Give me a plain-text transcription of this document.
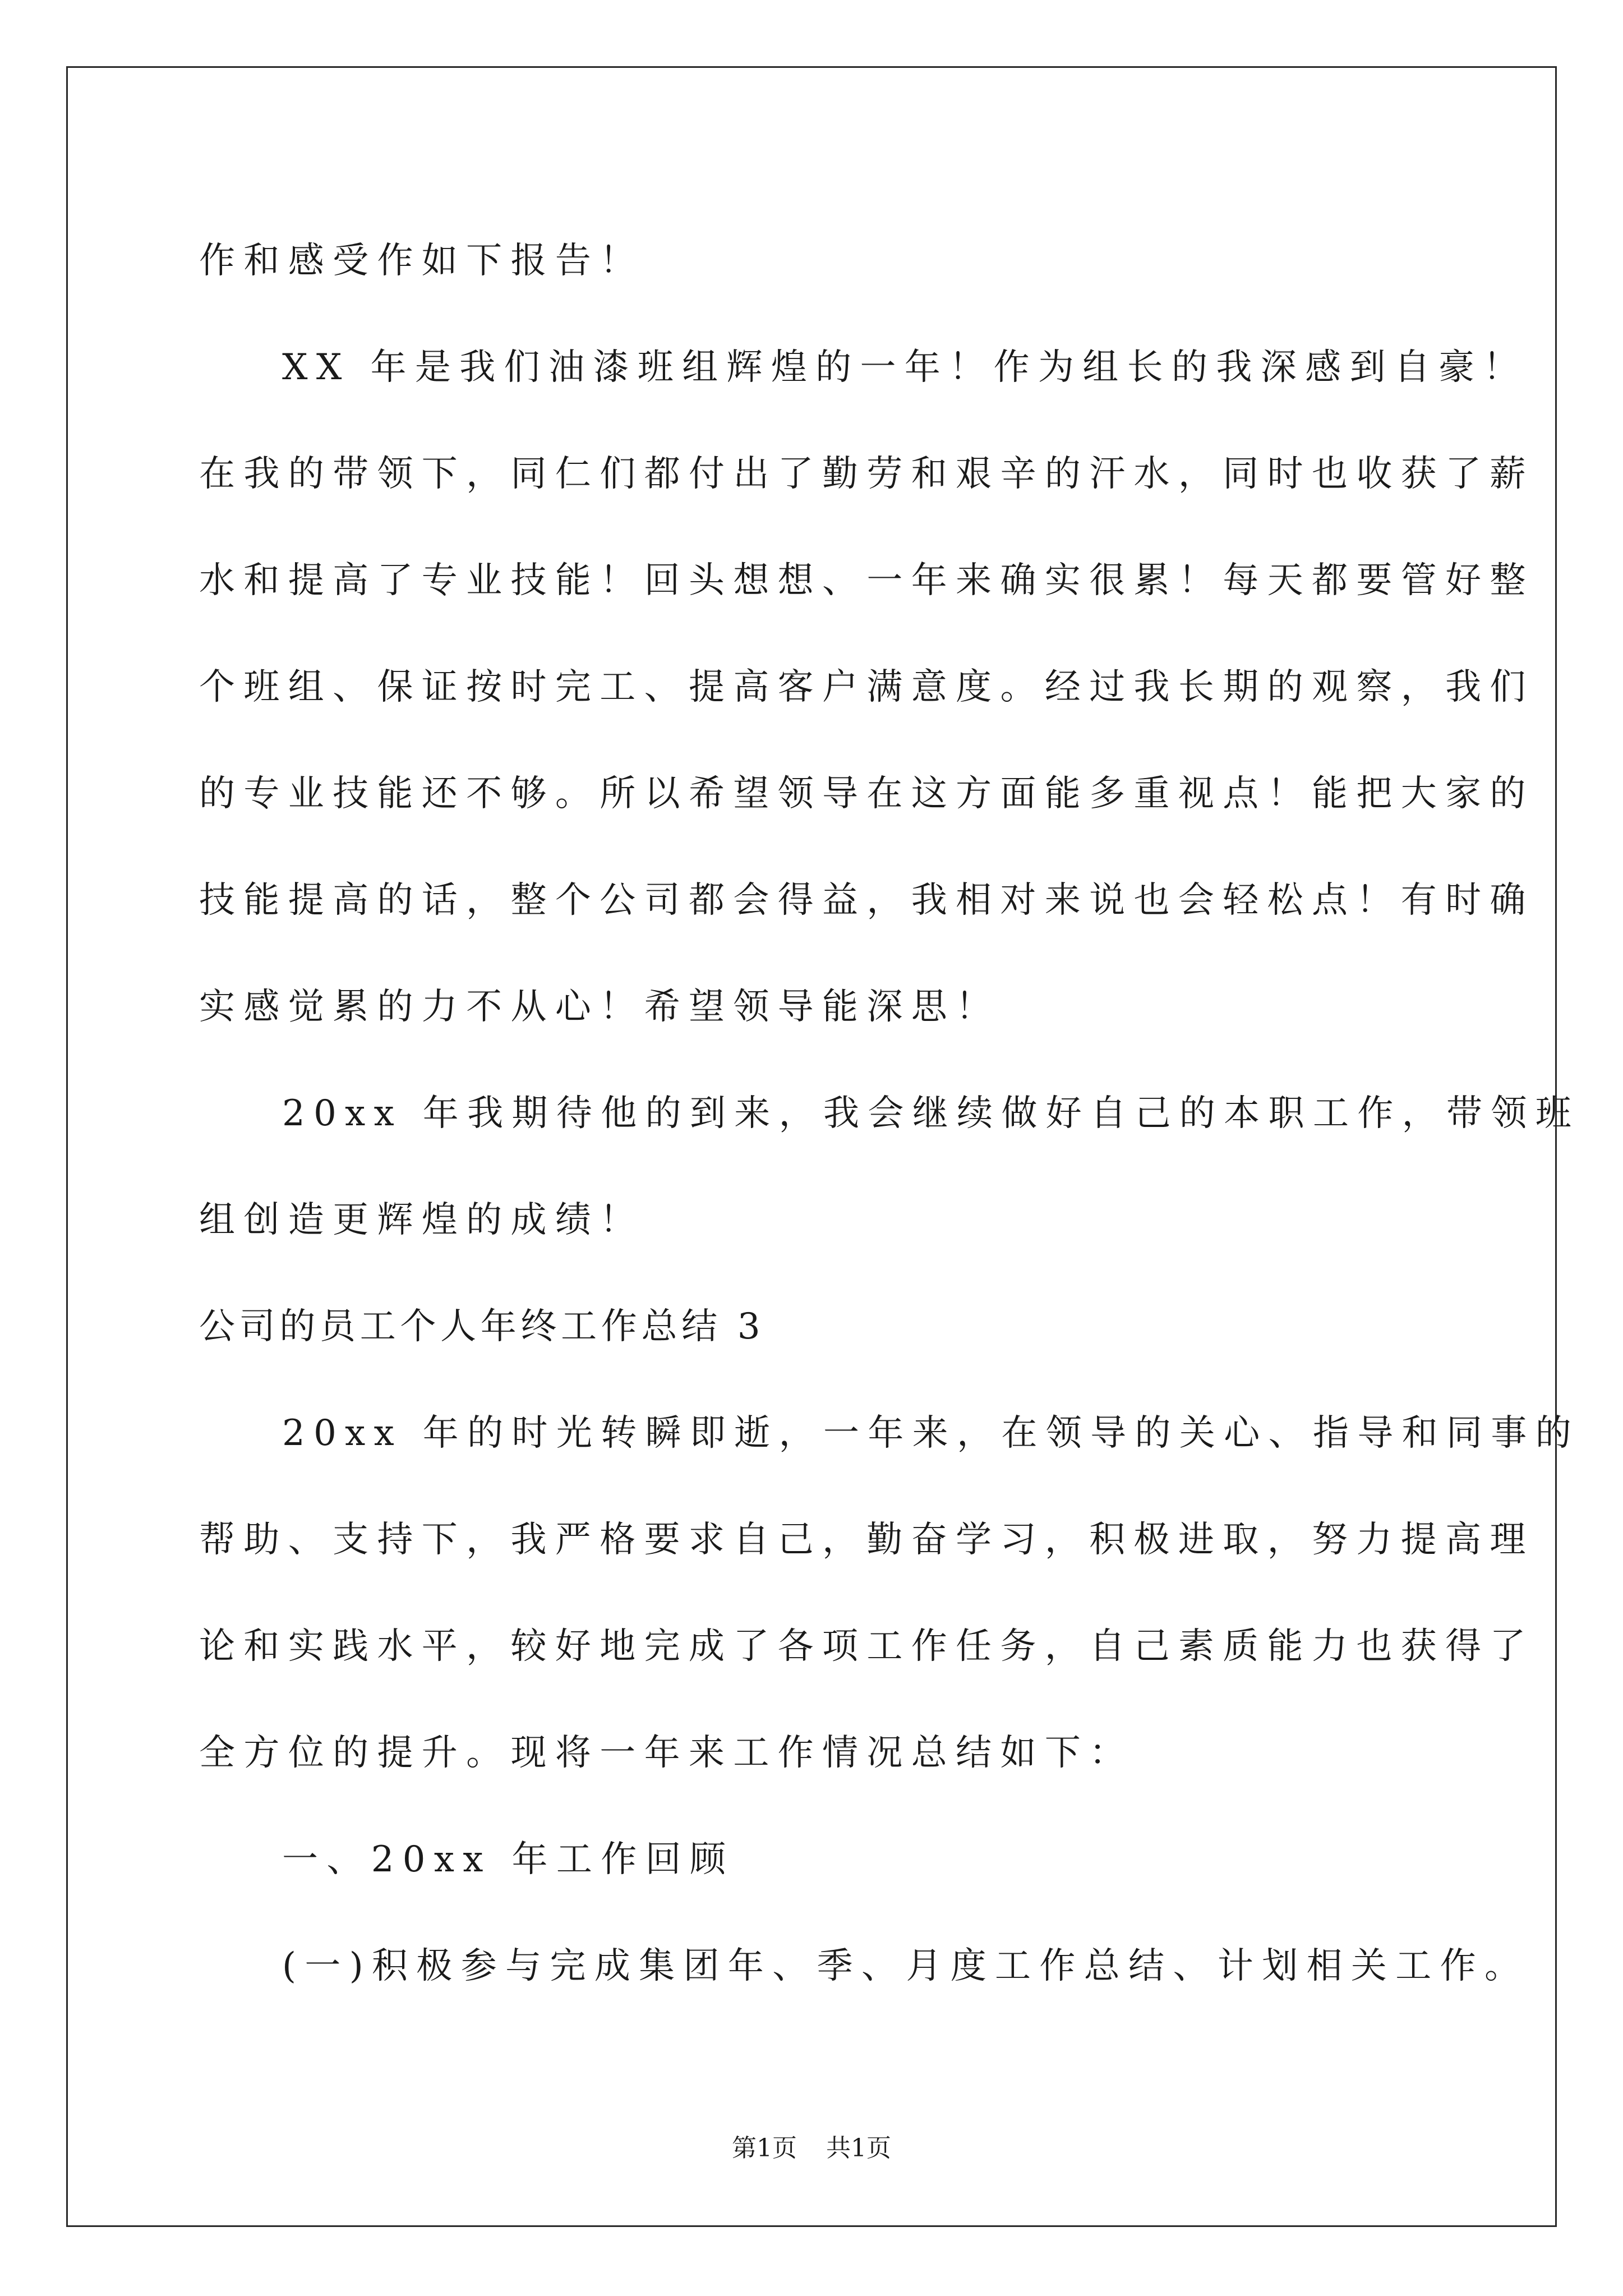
作和感受作如下报告！
XX 年是我们油漆班组辉煌的一年！作为组长的我深感到自豪！
在我的带领下，同仁们都付出了勤劳和艰辛的汗水，同时也收获了薪
水和提高了专业技能！回头想想、一年来确实很累！每天都要管好整
个班组、保证按时完工、提高客户满意度。经过我长期的观察，我们
的专业技能还不够。所以希望领导在这方面能多重视点！能把大家的
技能提高的话，整个公司都会得益，我相对来说也会轻松点！有时确
实感觉累的力不从心！希望领导能深思！
20xx 年我期待他的到来，我会继续做好自己的本职工作，带领班
组创造更辉煌的成绩！
公司的员工个人年终工作总结 3
20xx 年的时光转瞬即逝，一年来，在领导的关心、指导和同事的
帮助、支持下，我严格要求自己，勤奋学习，积极进取，努力提高理
论和实践水平，较好地完成了各项工作任务，自己素质能力也获得了
全方位的提升。现将一年来工作情况总结如下：
一、20xx 年工作回顾
(一)积极参与完成集团年、季、月度工作总结、计划相关工作。
第1页 共1页
